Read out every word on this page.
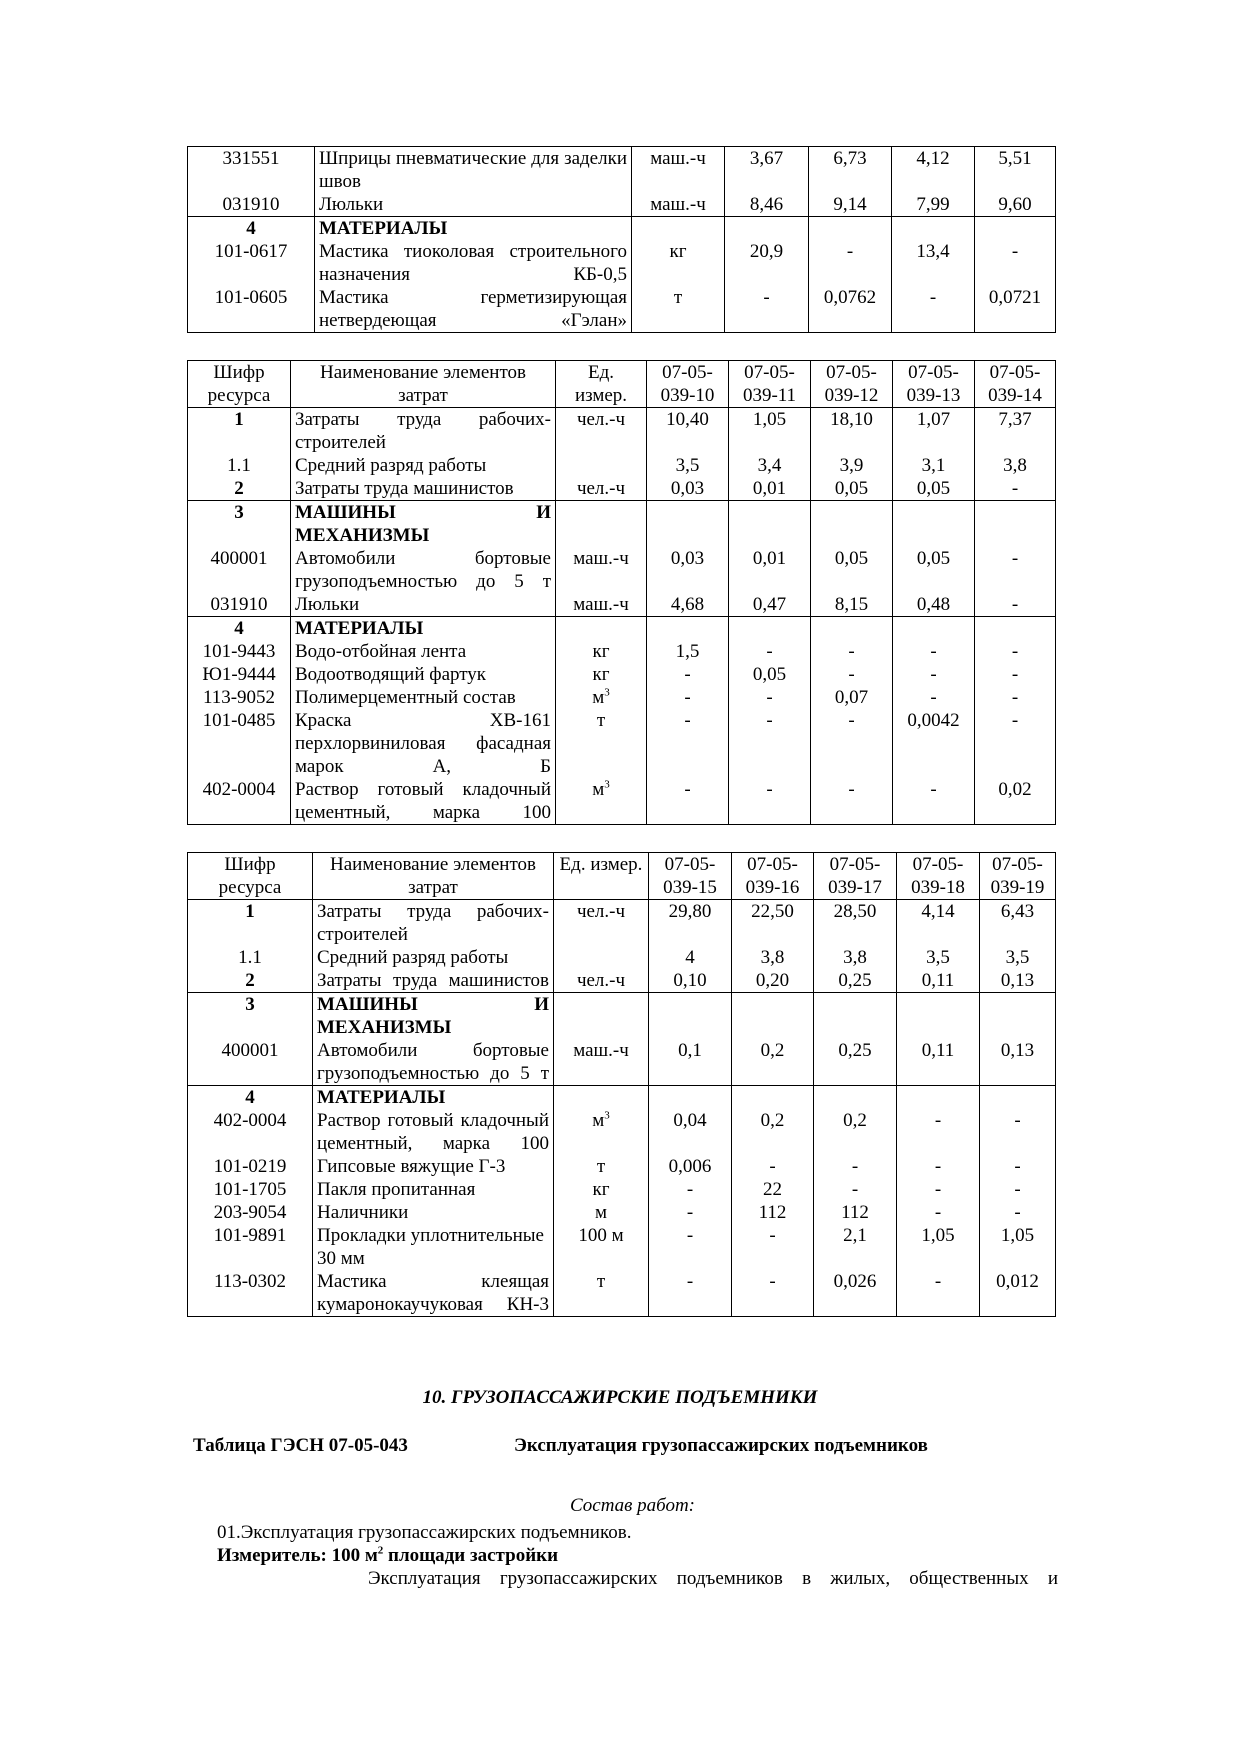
331551	Шприцы пневматические для заделки швов	маш.-ч	3,67	6,73	4,12	5,51
031910	Люльки	маш.-ч	8,46	9,14	7,99	9,60
4	МАТЕРИАЛЫ					
101-0617	Мастика тиоколовая строительного назначения КБ-0,5	кг	20,9	-	13,4	-
101-0605	Мастика герметизирующая нетвердеющая «Гэлан»	т	-	0,0762	-	0,0721
Шифр ресурса	Наименование элементов затрат	Ед. измер.	07-05-039-10	07-05-039-11	07-05-039-12	07-05-039-13	07-05-039-14
1	Затраты труда рабочих-строителей	чел.-ч	10,40	1,05	18,10	1,07	7,37
1.1	Средний разряд работы		3,5	3,4	3,9	3,1	3,8
2	Затраты труда машинистов	чел.-ч	0,03	0,01	0,05	0,05	-
3	МАШИНЫ И МЕХАНИЗМЫ						
400001	Автомобили бортовые грузоподъемностью до 5 т	маш.-ч	0,03	0,01	0,05	0,05	-
031910	Люльки	маш.-ч	4,68	0,47	8,15	0,48	-
4	МАТЕРИАЛЫ						
101-9443	Водо-отбойная лента	кг	1,5	-	-	-	-
Ю1-9444	Водоотводящий фартук	кг	-	0,05	-	-	-
113-9052	Полимерцементный состав	$м^3$	-	-	0,07	-	-
101-0485	Краска ХВ-161 перхлорвиниловая фасадная марок А, Б	т	-	-	-	0,0042	-
402-0004	Раствор готовый кладочный цементный, марка 100	$м^3$	-	-	-	-	0,02
Шифр ресурса	Наименование элементов затрат	Ед. измер.	07-05-039-15	07-05-039-16	07-05-039-17	07-05-039-18	07-05-039-19
1	Затраты труда рабочих-строителей	чел.-ч	29,80	22,50	28,50	4,14	6,43
1.1	Средний разряд работы		4	3,8	3,8	3,5	3,5
2	Затраты труда машинистов	чел.-ч	0,10	0,20	0,25	0,11	0,13
3	МАШИНЫ И МЕХАНИЗМЫ						
400001	Автомобили бортовые грузоподъемностью до 5 т	маш.-ч	0,1	0,2	0,25	0,11	0,13
4	МАТЕРИАЛЫ						
402-0004	Раствор готовый кладочный цементный, марка 100	$м^3$	0,04	0,2	0,2	-	-
101-0219	Гипсовые вяжущие Г-3	т	0,006	-	-	-	-
101-1705	Пакля пропитанная	кг	-	22	-	-	-
203-9054	Наличники	м	-	112	112	-	-
101-9891	Прокладки уплотнительные 30 мм	100 м	-	-	2,1	1,05	1,05
113-0302	Мастика клеящая кумаронокаучуковая КН-3	т	-	-	0,026	-	0,012
10. ГРУЗОПАССАЖИРСКИЕ ПОДЪЕМНИКИ
Таблица ГЭСН 07-05-043	Эксплуатация грузопассажирских подъемников
Состав работ:
01.Эксплуатация грузопассажирских подъемников.
Измеритель: 100 $м^2$ площади застройки
Эксплуатация грузопассажирских подъемников в жилых, общественных и
